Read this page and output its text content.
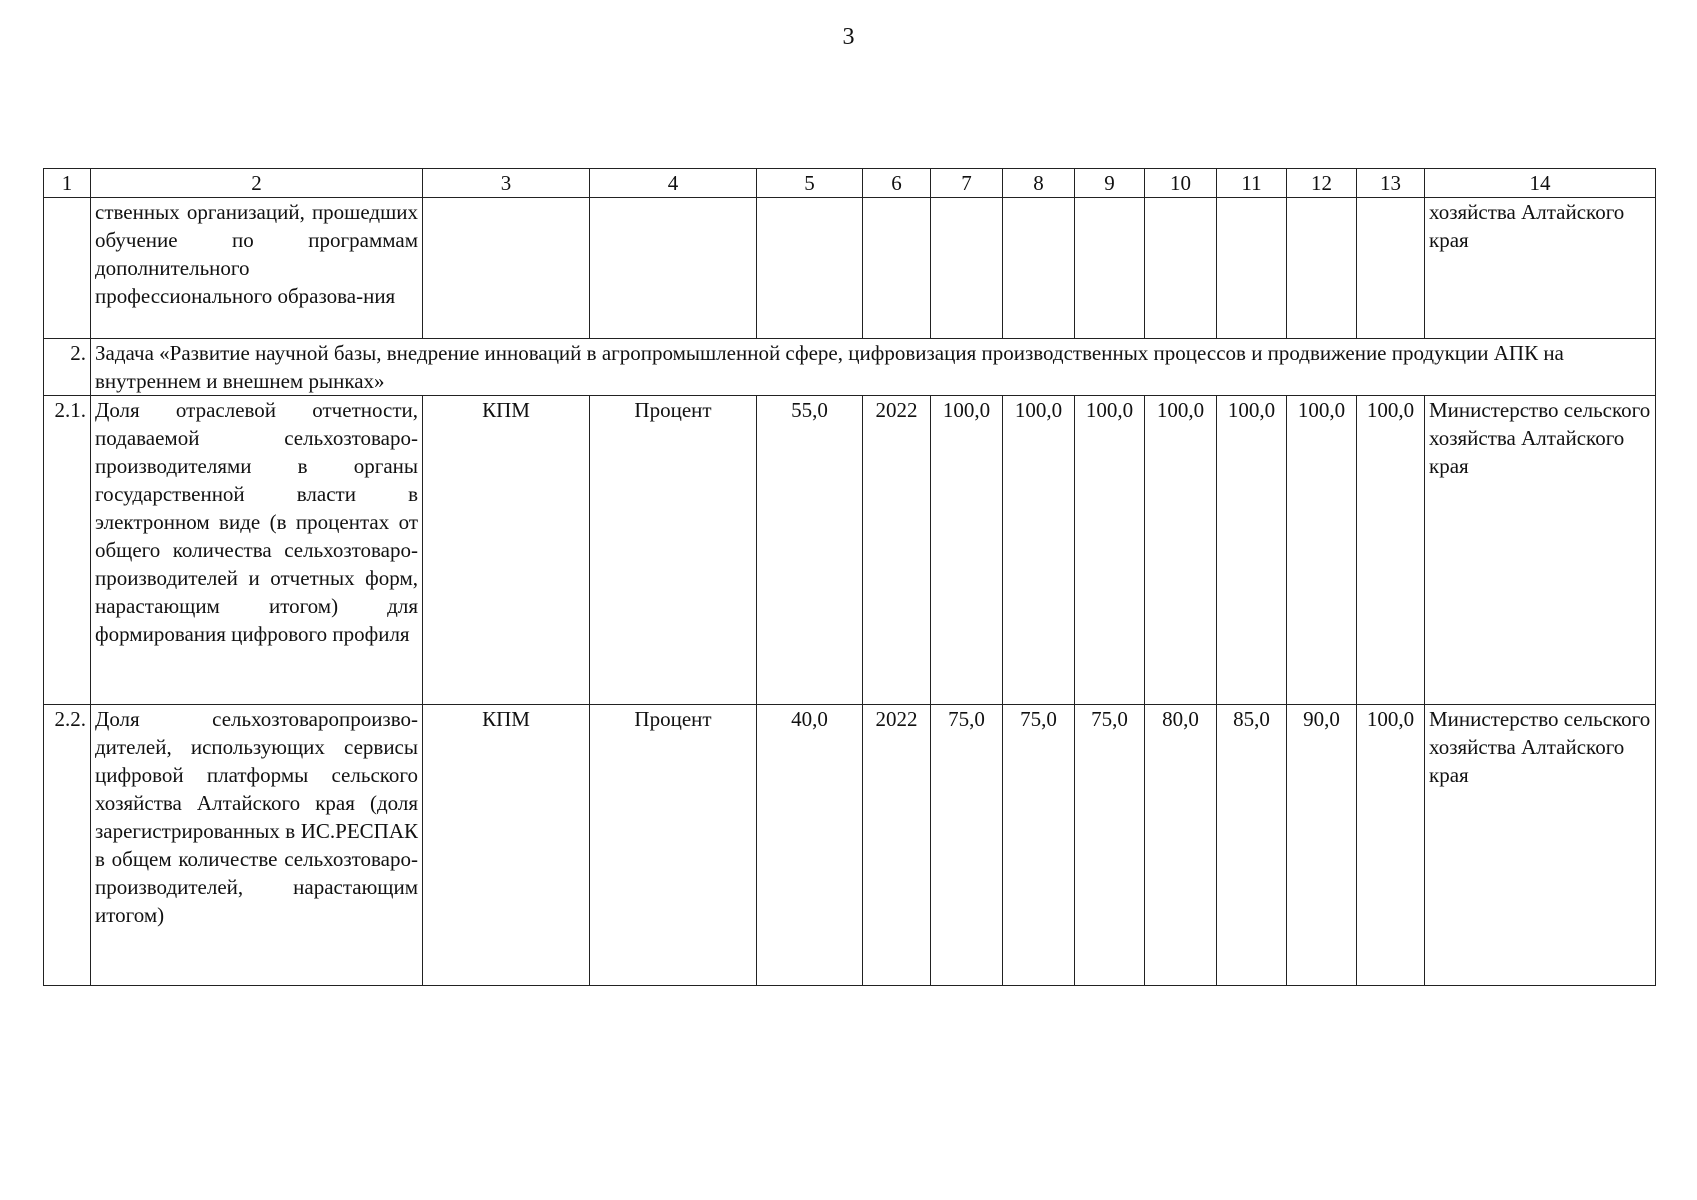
3
1	2	3	4	5	6	7	8	9	10	11	12	13	14
	ственных организаций, прошедших обучение по программам дополнительного профессионального образова-ния												хозяйства Алтайского края
2.	Задача «Развитие научной базы, внедрение инноваций в агропромышленной сфере, цифровизация производственных процессов и продвижение продукции АПК на внутреннем и внешнем рынках»												
2.1.	Доля отраслевой отчетности, подаваемой сельхозтоваро-производителями в органы государственной власти в электронном виде (в процентах от общего количества сельхозтоваро-производителей и отчетных форм, нарастающим итогом) для формирования цифрового профиля	КПМ	Процент	55,0	2022	100,0	100,0	100,0	100,0	100,0	100,0	100,0	Министерство сельского хозяйства Алтайского края
2.2.	Доля сельхозтоваропроизво-дителей, использующих сервисы цифровой платформы сельского хозяйства Алтайского края (доля зарегистрированных в ИС.РЕСПАК в общем количестве сельхозтоваро-производителей, нарастающим итогом)	КПМ	Процент	40,0	2022	75,0	75,0	75,0	80,0	85,0	90,0	100,0	Министерство сельского хозяйства Алтайского края
